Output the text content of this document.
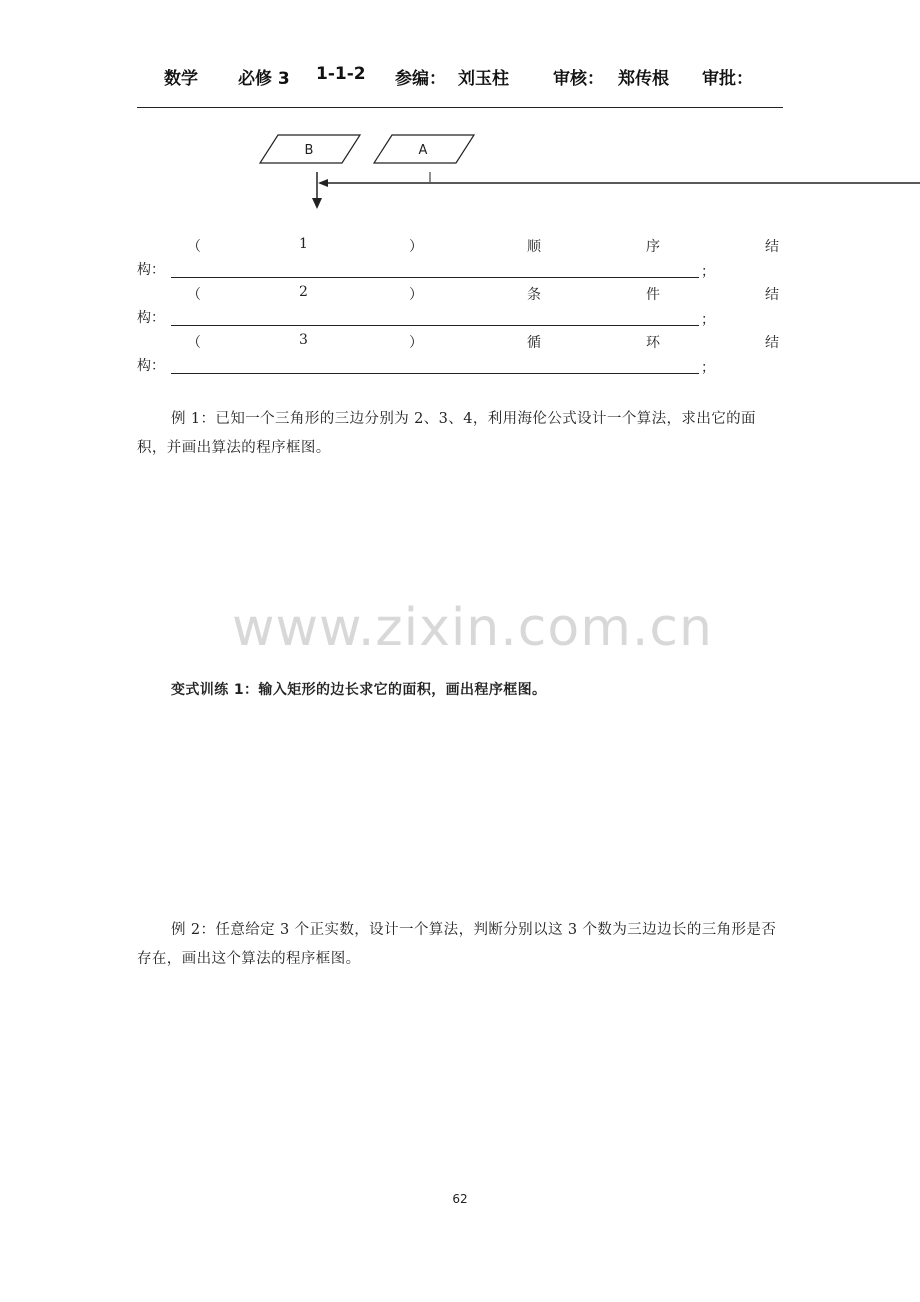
数学 必修 3 1-1-2 参编： 刘玉柱	审核： 郑传根 审批：
B	A
（	1	）	顺	序	结
构：	；
（	2	）	条	件	结
构：	；
（	3	）	循	环	结
构：	；

例 1：已知一个三角形的三边分别为 2、3、4，利用海伦公式设计一个算法，求出它的面积，并画出算法的程序框图。

www.zixin.com.cn

变式训练 1：输入矩形的边长求它的面积，画出程序框图。

例 2：任意给定 3 个正实数，设计一个算法，判断分别以这 3 个数为三边边长的三角形是否存在，画出这个算法的程序框图。

62
